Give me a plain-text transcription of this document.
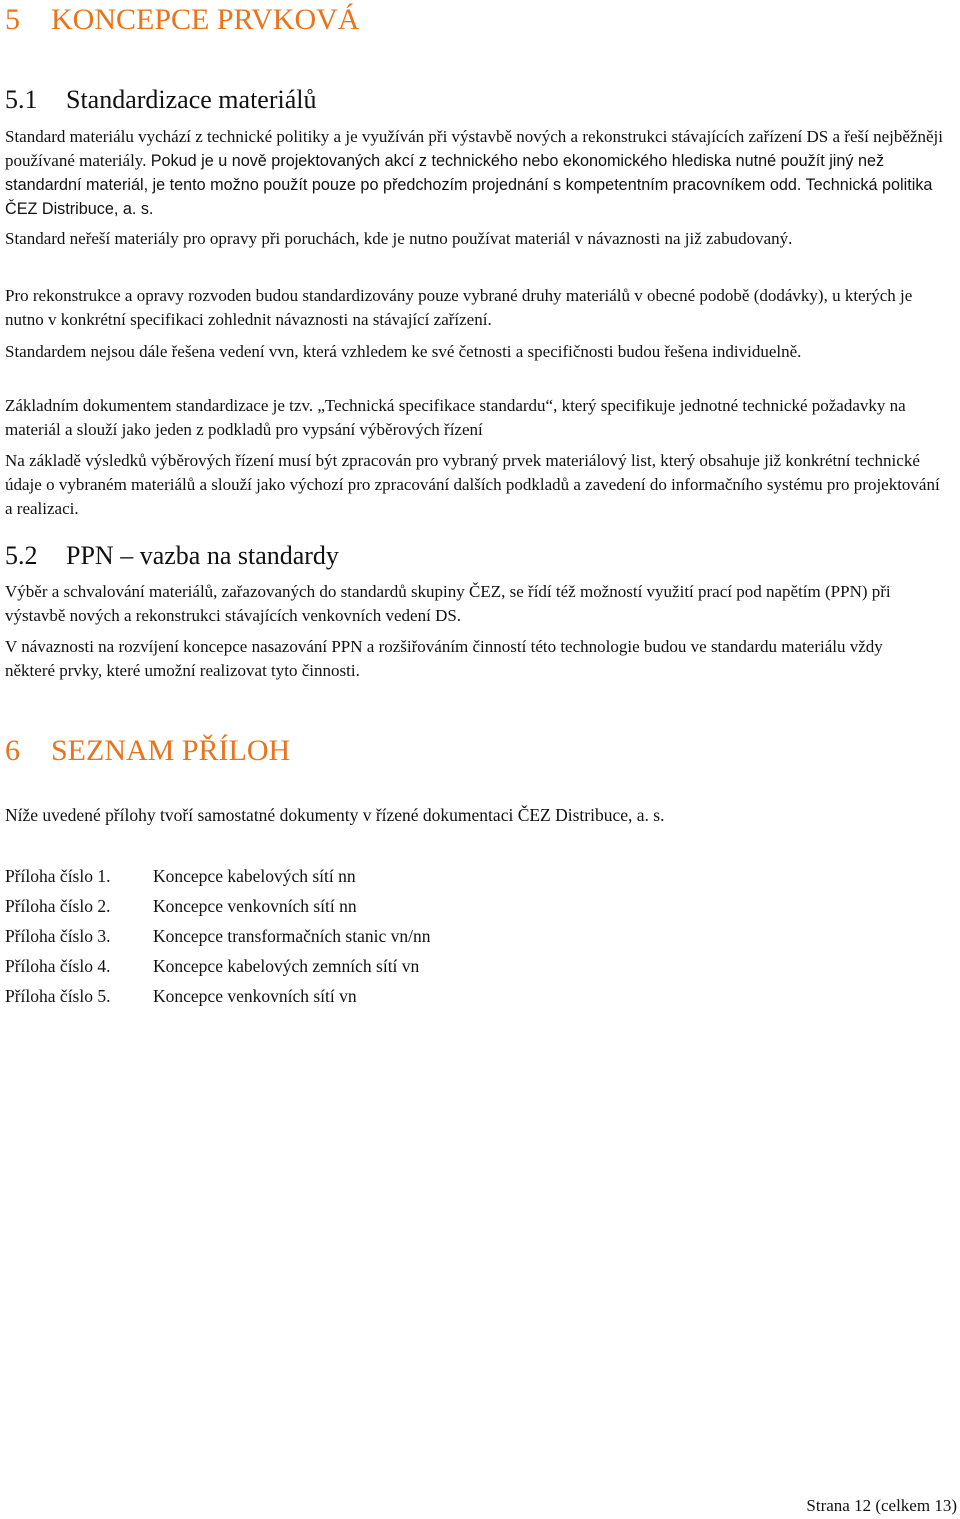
5 KONCEPCE PRVKOVÁ
5.1 Standardizace materiálů

Standard materiálu vychází z technické politiky a je využíván při výstavbě nových a rekonstrukci stávajících zařízení DS a řeší nejběžněji používané materiály. Pokud je u nově projektovaných akcí z technického nebo ekonomického hlediska nutné použít jiný než standardní materiál, je tento možno použít pouze po předchozím projednání s kompetentním pracovníkem odd. Technická politika ČEZ Distribuce, a. s.

Standard neřeší materiály pro opravy při poruchách, kde je nutno používat materiál v návaznosti na již zabudovaný.

Pro rekonstrukce a opravy rozvoden budou standardizovány pouze vybrané druhy materiálů v obecné podobě (dodávky), u kterých je nutno v konkrétní specifikaci zohlednit návaznosti na stávající zařízení.

Standardem nejsou dále řešena vedení vvn, která vzhledem ke své četnosti a specifičnosti budou řešena individuelně.

Základním dokumentem standardizace je tzv. „Technická specifikace standardu“, který specifikuje jednotné technické požadavky na materiál a slouží jako jeden z podkladů pro vypsání výběrových řízení

Na základě výsledků výběrových řízení musí být zpracován pro vybraný prvek materiálový list, který obsahuje již konkrétní technické údaje o vybraném materiálů a slouží jako výchozí pro zpracování dalších podkladů a zavedení do informačního systému pro projektování a realizaci.

5.2 PPN – vazba na standardy

Výběr a schvalování materiálů, zařazovaných do standardů skupiny ČEZ, se řídí též možností využití prací pod napětím (PPN) při výstavbě nových a rekonstrukci stávajících venkovních vedení DS.

V návaznosti na rozvíjení koncepce nasazování PPN a rozšiřováním činností této technologie budou ve standardu materiálu vždy některé prvky, které umožní realizovat tyto činnosti.

6 SEZNAM PŘÍLOH

Níže uvedené přílohy tvoří samostatné dokumenty v řízené dokumentaci ČEZ Distribuce, a. s.

Příloha číslo 1. Koncepce kabelových sítí nn
Příloha číslo 2. Koncepce venkovních sítí nn
Příloha číslo 3. Koncepce transformačních stanic vn/nn
Příloha číslo 4. Koncepce kabelových zemních sítí vn
Příloha číslo 5. Koncepce venkovních sítí vn
Strana 12 (celkem 13)
